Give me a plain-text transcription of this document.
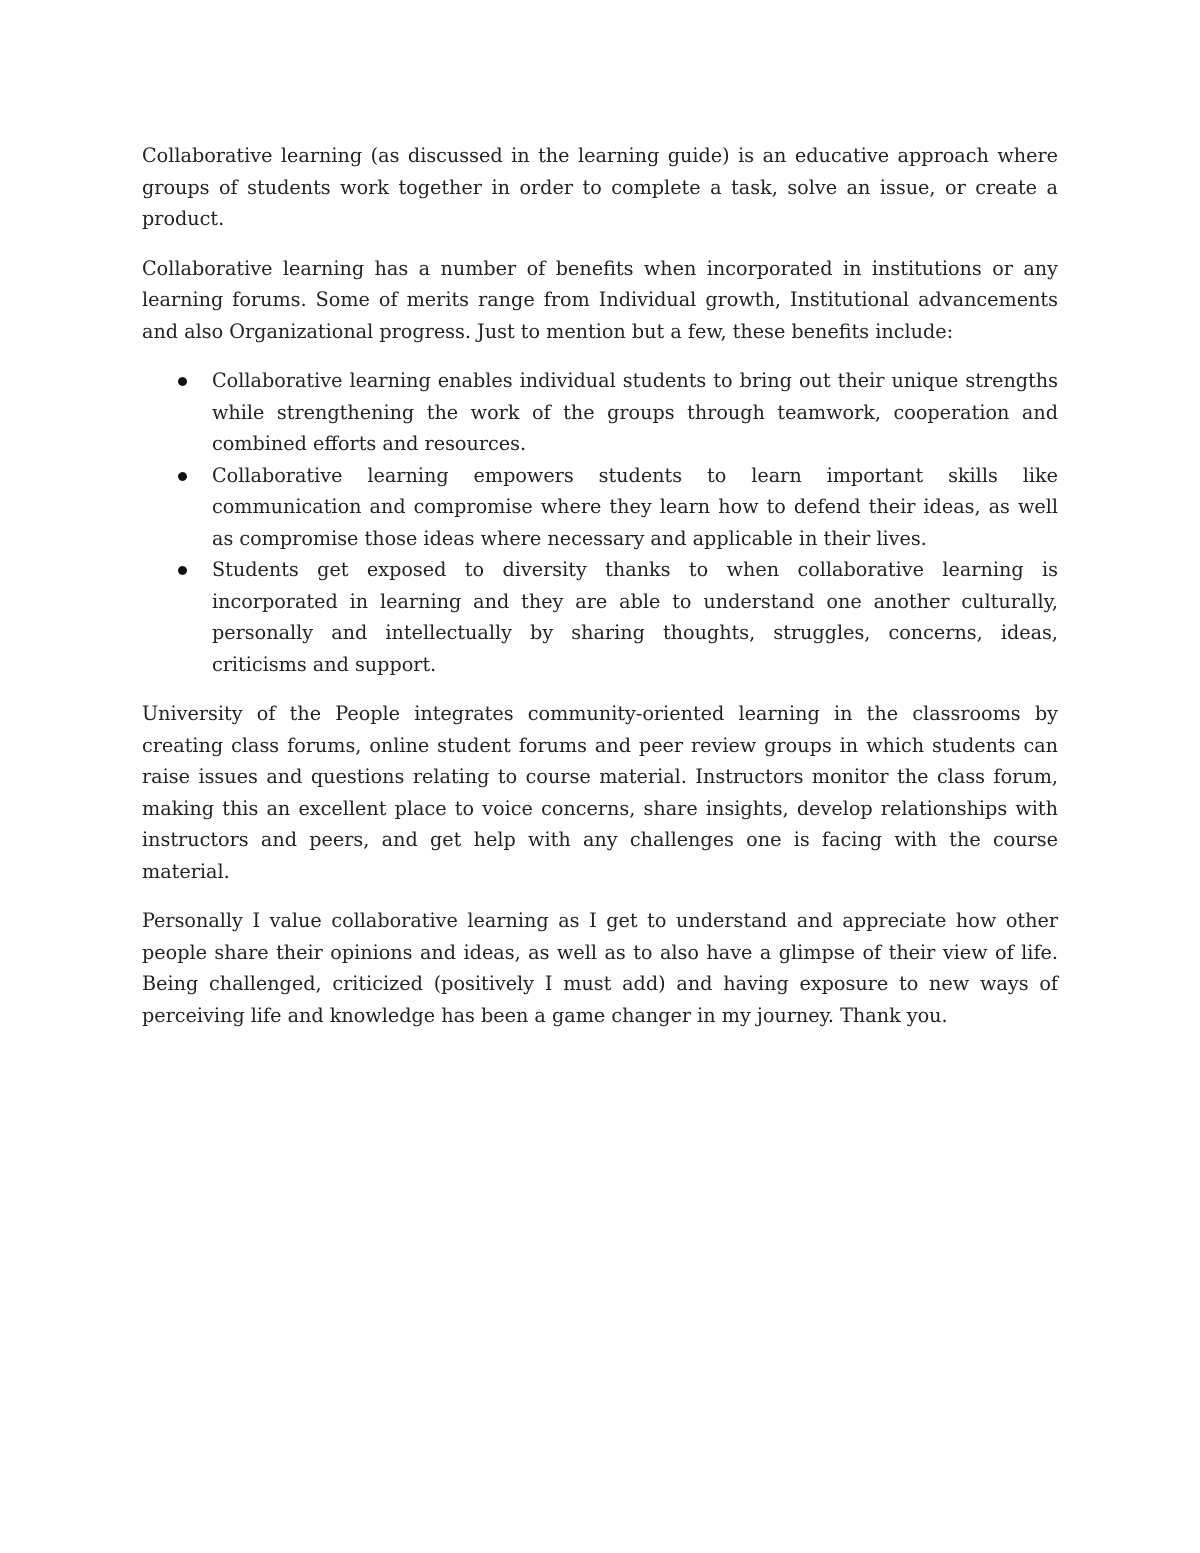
Collaborative learning (as discussed in the learning guide) is an educative approach where groups of students work together in order to complete a task, solve an issue, or create a product.

Collaborative learning has a number of benefits when incorporated in institutions or any learning forums. Some of merits range from Individual growth, Institutional advancements and also Organizational progress. Just to mention but a few, these benefits include:

Collaborative learning enables individual students to bring out their unique strengths while strengthening the work of the groups through teamwork, cooperation and combined efforts and resources.
Collaborative learning empowers students to learn important skills like communication and compromise where they learn how to defend their ideas, as well as compromise those ideas where necessary and applicable in their lives.
Students get exposed to diversity thanks to when collaborative learning is incorporated in learning and they are able to understand one another culturally, personally and intellectually by sharing thoughts, struggles, concerns, ideas, criticisms and support.

University of the People integrates community-oriented learning in the classrooms by creating class forums, online student forums and peer review groups in which students can raise issues and questions relating to course material. Instructors monitor the class forum, making this an excellent place to voice concerns, share insights, develop relationships with instructors and peers, and get help with any challenges one is facing with the course material.

Personally I value collaborative learning as I get to understand and appreciate how other people share their opinions and ideas, as well as to also have a glimpse of their view of life. Being challenged, criticized (positively I must add) and having exposure to new ways of perceiving life and knowledge has been a game changer in my journey. Thank you.
